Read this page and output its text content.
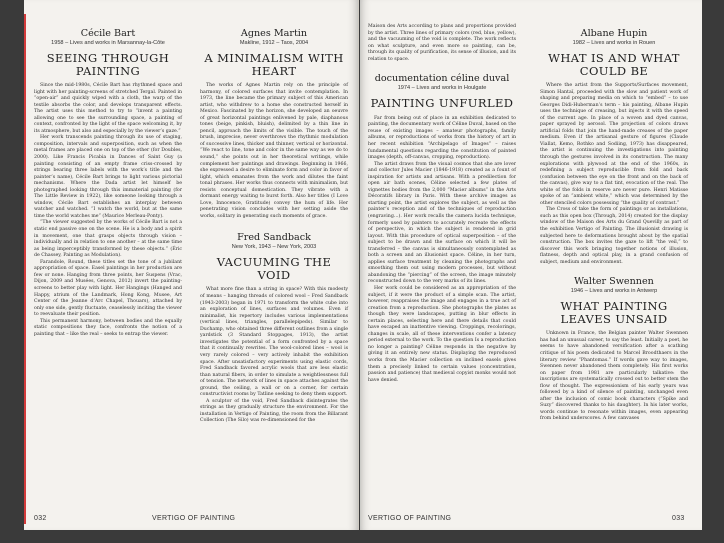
Cécile Bart
1958 – Lives and works in Marsannay-la-Côte
SEEING THROUGH PAINTING

Since the mid-1980s, Cécile Bart has rhythmed space and light with her painting-screens of stretched Tergal. Painted in “open-air” and quickly wiped with a cloth, the warp of the textile absorbs the color, and develops transparent effects. The artist uses this method to try to “invent a painting allowing one to see the surrounding space, a painting of context, confronted by the light of the space welcoming it, by its atmosphere, but also and especially by the viewer’s gaze.”

Her work transcends painting through its use of staging, composition, intervals and superposition, such as when the metal frames are placed one on top of the other (for Doubles, 2000). Like Francis Picabia in Dances of Saint Guy (a painting consisting of an empty frame criss-crossed by strings bearing three labels with the work’s title and the painter’s name), Cécile Bart brings to light various pictorial mechanisms. Where the Dada artist let himself be photographed looking through this immaterial painting (for The Little Review in 1922), like someone looking through a window, Cécile Bart establishes an interplay between watcher and watched. “I watch the world, but at the same time the world watches me” (Maurice Merleau-Ponty).

“The viewer suggested by the works of Cécile Bart is not a static end passive one on the scene. He is a body and a spirit in movement, one that grasps objects through vision – individually and in relation to one another – at the same time as being imperceptibly transformed by these objects.” (Éric de Chassey, Painting as Modulation).

Farandole, Round, these titles set the tone of a jubilant appropriation of space. Easel paintings in her production are few or none. Hanging from three points, her Suspens (Vrac, Dijon, 2009 and Musées, Genova, 2012) invert the painting-screens to better play with light. Her Hangings (Hanged and Happy, atrium of the Landmark, Hong Kong, Musee, Art Center of the Jeanne d’Arc Chapel, Thouars), attached by only one side, gently fluctuate, ceaselessly inciting the viewer to reevaluate their position.

This permanent harmony, between bodies and the equally static compositions they face, confronts the notion of a painting that – like the real – seeks to entrap the viewer.

Agnes Martin
Makline, 1912 – Taos, 2004
A MINIMALISM WITH HEART

The works of Agnes Martin rely on the principle of harmony, of colored surfaces that invite contemplation. In 1973, the line became the primary subject of this American artist, who withdrew to a home she constructed herself in Mexico. Fascinated by the horizon, she developed an oeuvre of great horizontal paintings enlivened by pale, diaphanous tones (beige, pinkish, bluish), delimited by a thin line in pencil, approach the limits of the visible. The touch of the brush, imprecise, never overthrows the rhythmic modulation of successive lines, thicker and thinner, vertical or horizontal. “We react to line, tone and color in the same way as we do to sound,” she points out in her theoretical writings, while complement her paintings and drawings. Beginning in 1966, she expressed a desire to eliminate form and color in favor of light, which emanates from the work and dilutes the faint tonal phrases. Her works thus connects with minimalism, but resists conceptual domestication. They vibrate with a dormant energy waiting to burst forth. Also her titles (I Love Love, Innocence, Gratitude) convey the hum of life. Her penetrating vision concludes with her setting aside the works, solitary in generating such moments of grace.

Fred Sandback
New York, 1943 – New York, 2003
VACUUMING THE VOID

What more fine than a string in space? With this modesty of means – hanging threads of colored wool – Fred Sandback (1943-2003) began in 1971 to transform the white cube into an exploration of lines, surfaces and volumes. Even if minimalist, his repertory includes various implementations (vertical lines, triangles, parallelepipeds). Similar to Duchamp, who obtained three different outlines from a single yardstick (3 Standard Stoppages, 1913), the artist investigates the potential of a form confronted by a space that it continually rewrites. The wool-colored lines – wool is very rarely colored – very actively inhabit the exhibition space. After unsatisfactory experiments using elastic cords, Fred Sandback favored acrylic wools that are less elastic than natural fibers, in order to simulate a weightlessness full of tension. The network of lines in space attaches against the ground, the ceiling, a wall or on a corner, for certain constructivist rooms by Tatline seeking to deny them support.

A sculptor of the void, Fred Sandback disintegrates the strings as they gradually structure the environment. For the installation in Vertigo of Painting, the room from the Billarant Collection (The Silo) was re-dimensioned for the

032	VERTIGO OF PAINTING

Maison des Arts according to plans and proportions provided by the artist. Three lines of primary colors (red, blue, yellow), and the vacuuming of the void is complete. The work reflects on what sculpture, and even more so painting, can be, through its quality of purification, its sense of illusion, and its relation to space.

documentation céline duval
1974 – Lives and works in Houlgate
PAINTING UNFURLED

Far from being out of place in an exhibition dedicated to painting, the documentary work of Céline Duval, based on the reuse of existing images – amateur photographs, family albums, or reproductions of works from the history of art in her recent exhibition “Archipelago of Images” – raises fundamental questions regarding the constitution of painted images (depth, off-canvas, cropping, reproduction).

The artist draws from the visual cosmos that she are lover and collector Jules Macier (1846-1918) created as a fount of inspiration for artists and artisans. With a predilection for open air bath scenes, Céline selected a few plates of vignettes bodies from the 2,000 “Macier albums” in the Arts Décoratifs library in Paris. With these archive images as starting point, the artist explores the subject, as well as the painter’s reception and of the techniques of reproduction (engraving…). Her work recalls the camera lucida technique, formerly used by painters to accurately recreate the effects of perspective, in which the subject is rendered in grid layout. With this procedure of optical superposition – of the subject to be drawn and the surface on which it will be transferred – the canvas is simultaneously contemplated as both a screen and an illusionist space. Céline, in her turn, applies surface treatment by cleaning the photographs and smoothing them out using modern processes, but without abandoning the “piercing” of the screen, the image minutely reconstructed down to the very marks of its lines.

Her work could be considered as an appropriation of the subject, if it were the product of a simple scan. The artist, however, reappraises the image and engages in a true act of creation from a reproduction. She photographs the plates as though they were landscapes, putting in blur effects in certain places, selecting here and there details that could have escaped an inattentive viewing. Croppings, recolorings, changes in scale, all of these interventions confer a latency period external to the work. To the question Is a reproduction no longer a painting? Céline responds in the negative by giving it an entirely new status. Displaying the reproduced works from the Macier collection on inclined easels gives them a precisely linked to certain values (concentration, passion and patience) that medieval copyist monks would not have denied.

Albane Hupin
1982 – Lives and works in Rouen
WHAT IS AND WHAT COULD BE

Where the artist from the Supports/Surfaces movement, Simon Hantaï, proceeded with the slow and patient work of shaping and preparing media on which to “embed” – to use Georges Didi-Huberman’s term – his painting, Albane Hupin uses the technique of creasing, but injects it with the speed of the current age. In place of a woven and dyed canvas, paper sprayed by aerosol. The projection of colors draws artificial folds that join the hand-made creases of the paper medium. Even if the artisanal gesture of figures (Claude Viallat, Kemo, Rothko and Sodiing, 1973) has disappeared, the artist is continuing the investigations into painting through the gestures involved in its construction. The many explorations with plywood at the end of the 1960s, in redefining a subject reproducible from fold and back (confusion between the eye on the front and on the back of the canvas), give way to a flat tint, evocation of the real. The white of the folds in reserve are never pure. Henri Matisse spoke of an “ambient white,” which was determined by the other stenciled colors possessing “the quality of contrast.”

The Cross of take the form of paintings or as installations, such as this open box (Through, 2014) created for the display window of the Maison des Arts du Grand Quevilly as part of the exhibition Vertigo of Painting. The illusionist drawing is subjected here to deformations brought about by the spatial construction. The box invites the gaze to lift “the veil,” to discover this work bringing together notions of illusion, flatness, depth and optical play, in a grand confusion of subject, medium and environment.

Walter Swennen
1946 – Lives and works in Antwerp
WHAT PAINTING LEAVES UNSAID

Unknown in France, the Belgian painter Walter Swennen has had an unusual career, to say the least. Initially a poet, he seems to have abandoned versification after a scathing critique of his poem dedicated to Marcel Broodthaers in the literary review “Phantomas.” If words gave way to images, Swennen never abandoned them completely. His first works on paper from 1981 are particularly talkative: the inscriptions are systematically crossed out to better stem the flow of thought. The expressionism of his early years was followed by a kind of silence of painting, unchanged even after the inclusion of comic book characters (“Spike and Suzy” discovered thanks to his daughter). In his later works, words continue to resonate within images, even appearing from behind underscores. A few canvases

VERTIGO OF PAINTING	033
